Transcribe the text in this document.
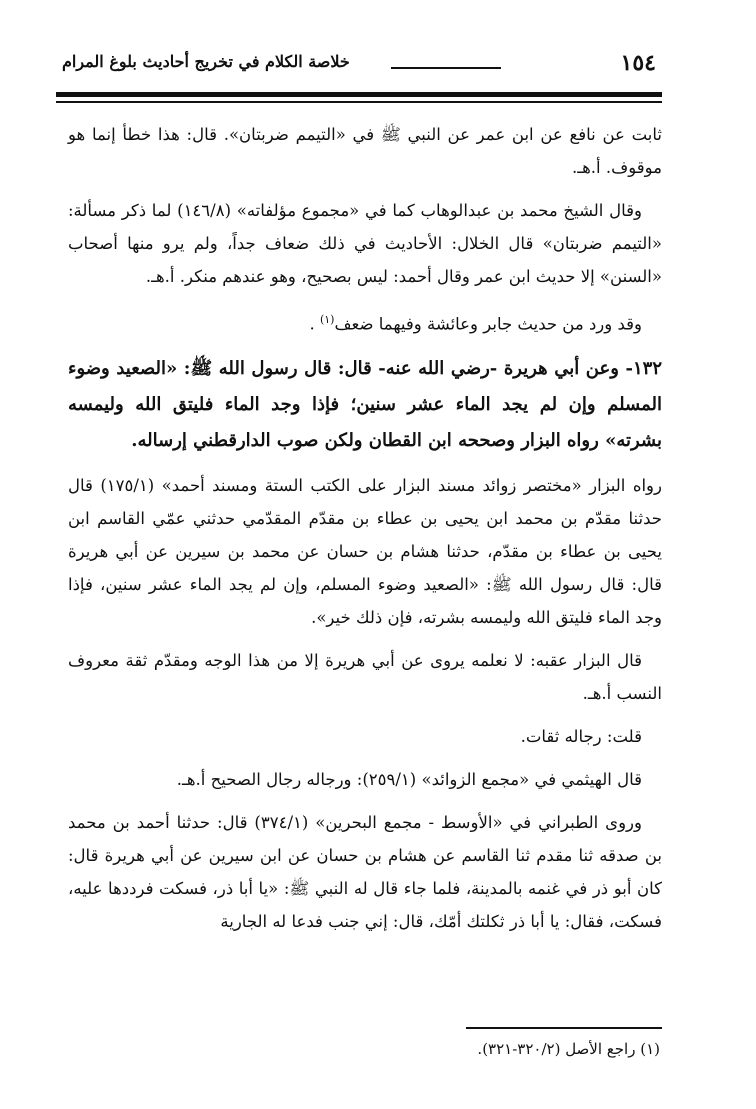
١٥٤
خلاصة الكلام في تخريج أحاديث بلوغ المرام

ثابت عن نافع عن ابن عمر عن النبي ﷺ في «التيمم ضربتان». قال: هذا خطأ إنما هو موقوف. أ.هـ.

وقال الشيخ محمد بن عبدالوهاب كما في «مجموع مؤلفاته» (١٤٦/٨) لما ذكر مسألة: «التيمم ضربتان» قال الخلال: الأحاديث في ذلك ضعاف جداً، ولم يرو منها أصحاب «السنن» إلا حديث ابن عمر وقال أحمد: ليس بصحيح، وهو عندهم منكر. أ.هـ.

وقد ورد من حديث جابر وعائشة وفيهما ضعف$^{(١)}$ .

١٣٢- وعن أبي هريرة -رضي الله عنه- قال: قال رسول الله ﷺ: «الصعيد وضوء المسلم وإن لم يجد الماء عشر سنين؛ فإذا وجد الماء فليتق الله وليمسه بشرته» رواه البزار وصححه ابن القطان ولكن صوب الدارقطني إرساله.

رواه البزار «مختصر زوائد مسند البزار على الكتب الستة ومسند أحمد» (١٧٥/١) قال حدثنا مقدّم بن محمد ابن يحيى بن عطاء بن مقدّم المقدّمي حدثني عمّي القاسم ابن يحيى بن عطاء بن مقدّم، حدثنا هشام بن حسان عن محمد بن سيرين عن أبي هريرة قال: قال رسول الله ﷺ: «الصعيد وضوء المسلم، وإن لم يجد الماء عشر سنين، فإذا وجد الماء فليتق الله وليمسه بشرته، فإن ذلك خير».

قال البزار عقبه: لا نعلمه يروى عن أبي هريرة إلا من هذا الوجه ومقدّم ثقة معروف النسب أ.هـ.

قلت: رجاله ثقات.

قال الهيثمي في «مجمع الزوائد» (٢٥٩/١): ورجاله رجال الصحيح أ.هـ.

وروى الطبراني في «الأوسط - مجمع البحرين» (٣٧٤/١) قال: حدثنا أحمد بن محمد بن صدقه ثنا مقدم ثنا القاسم عن هشام بن حسان عن ابن سيرين عن أبي هريرة قال: كان أبو ذر في غنمه بالمدينة، فلما جاء قال له النبي ﷺ: «يا أبا ذر، فسكت فرددها عليه، فسكت، فقال: يا أبا ذر ثكلتك أمّك، قال: إني جنب فدعا له الجارية

(١) راجع الأصل (٣٢٠/٢-٣٢١).
